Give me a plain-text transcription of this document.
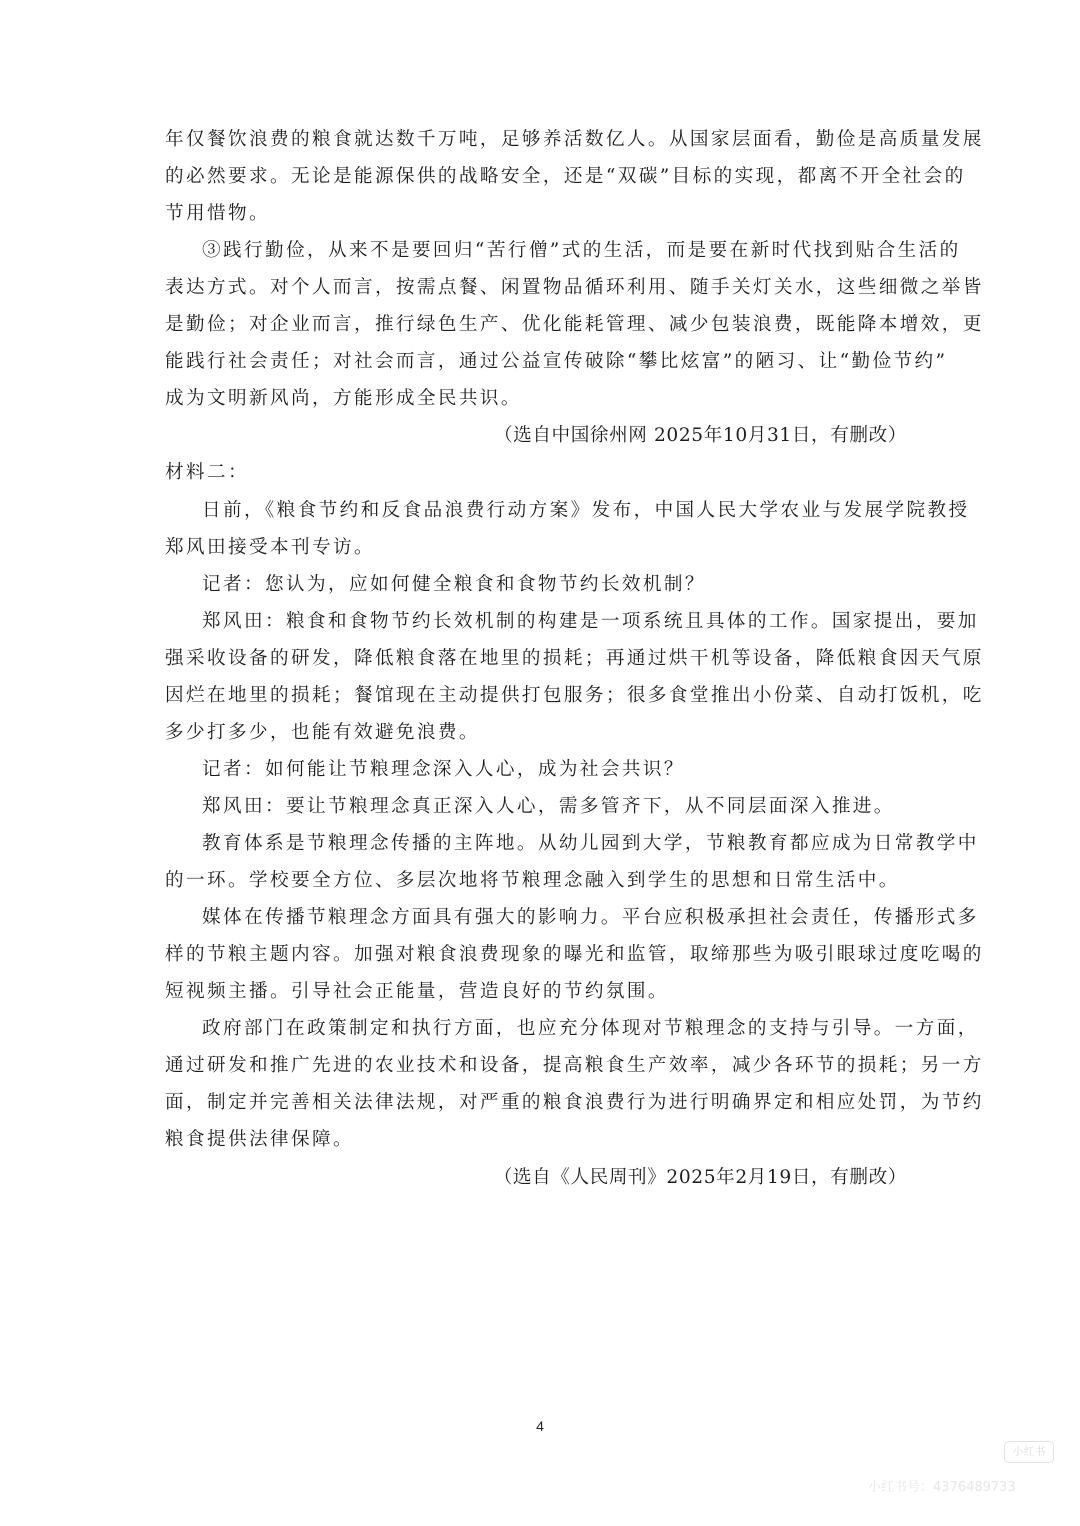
年仅餐饮浪费的粮食就达数千万吨，足够养活数亿人。从国家层面看，勤俭是高质量发展
的必然要求。无论是能源保供的战略安全，还是“双碳”目标的实现，都离不开全社会的
节用惜物。
③践行勤俭，从来不是要回归“苦行僧”式的生活，而是要在新时代找到贴合生活的
表达方式。对个人而言，按需点餐、闲置物品循环利用、随手关灯关水，这些细微之举皆
是勤俭；对企业而言，推行绿色生产、优化能耗管理、减少包装浪费，既能降本增效，更
能践行社会责任；对社会而言，通过公益宣传破除“攀比炫富”的陋习、让“勤俭节约”
成为文明新风尚，方能形成全民共识。
（选自中国徐州网 2025年10月31日，有删改）
材料二：
日前，《粮食节约和反食品浪费行动方案》发布，中国人民大学农业与发展学院教授
郑风田接受本刊专访。
记者：您认为，应如何健全粮食和食物节约长效机制？
郑风田：粮食和食物节约长效机制的构建是一项系统且具体的工作。国家提出，要加
强采收设备的研发，降低粮食落在地里的损耗；再通过烘干机等设备，降低粮食因天气原
因烂在地里的损耗；餐馆现在主动提供打包服务；很多食堂推出小份菜、自动打饭机，吃
多少打多少，也能有效避免浪费。
记者：如何能让节粮理念深入人心，成为社会共识？
郑风田：要让节粮理念真正深入人心，需多管齐下，从不同层面深入推进。
教育体系是节粮理念传播的主阵地。从幼儿园到大学，节粮教育都应成为日常教学中
的一环。学校要全方位、多层次地将节粮理念融入到学生的思想和日常生活中。
媒体在传播节粮理念方面具有强大的影响力。平台应积极承担社会责任，传播形式多
样的节粮主题内容。加强对粮食浪费现象的曝光和监管，取缔那些为吸引眼球过度吃喝的
短视频主播。引导社会正能量，营造良好的节约氛围。
政府部门在政策制定和执行方面，也应充分体现对节粮理念的支持与引导。一方面，
通过研发和推广先进的农业技术和设备，提高粮食生产效率，减少各环节的损耗；另一方
面，制定并完善相关法律法规，对严重的粮食浪费行为进行明确界定和相应处罚，为节约
粮食提供法律保障。
（选自《人民周刊》2025年2月19日，有删改）
4
小红书
小红书号：4376489733
